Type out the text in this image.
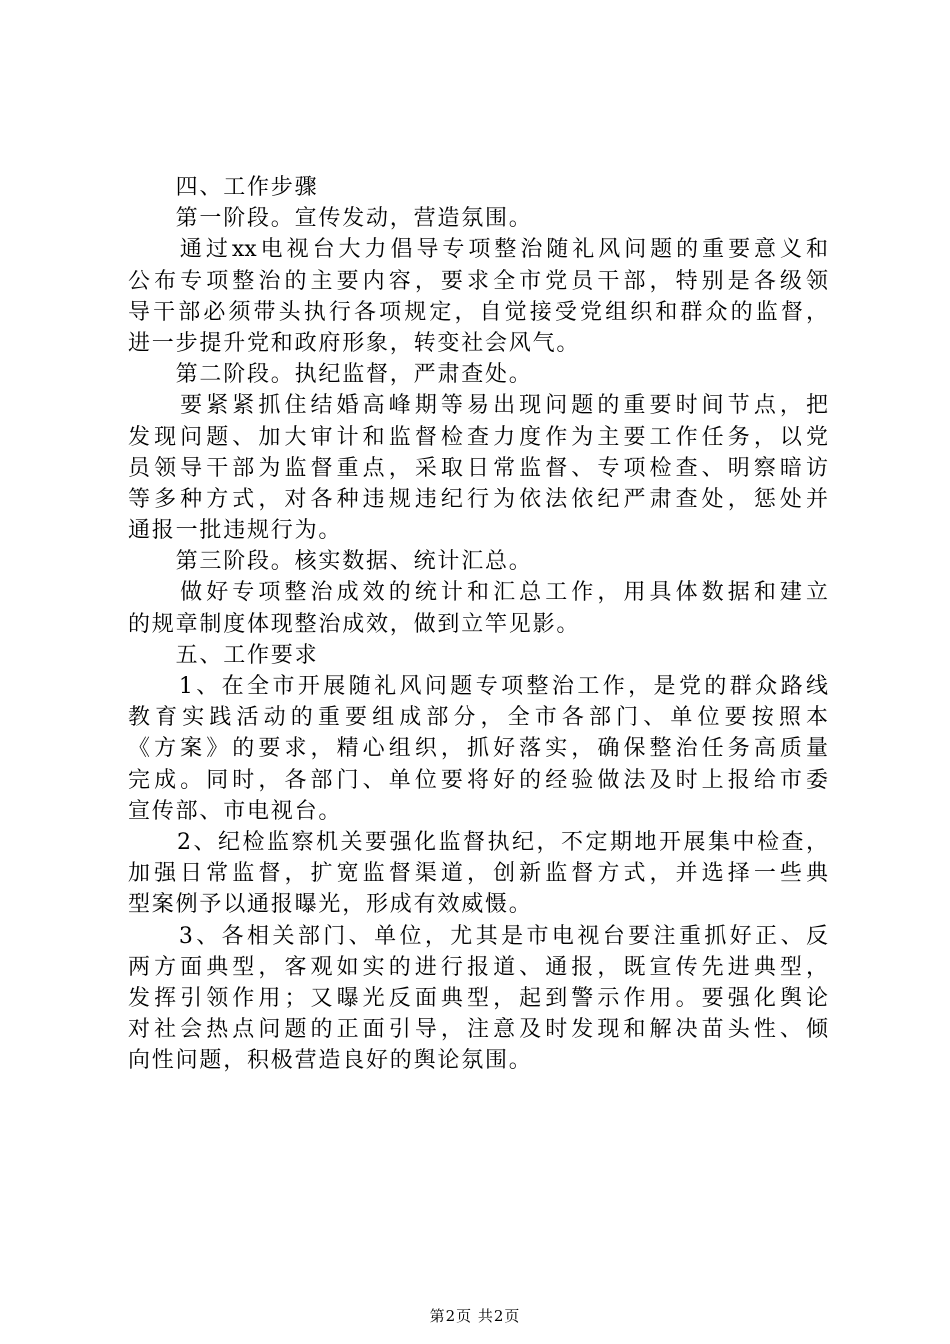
　　四、工作步骤
　　第一阶段。宣传发动，营造氛围。
　　通过xx电视台大力倡导专项整治随礼风问题的重要意义和
公布专项整治的主要内容，要求全市党员干部，特别是各级领
导干部必须带头执行各项规定，自觉接受党组织和群众的监督，
进一步提升党和政府形象，转变社会风气。
　　第二阶段。执纪监督，严肃查处。
　　要紧紧抓住结婚高峰期等易出现问题的重要时间节点，把
发现问题、加大审计和监督检查力度作为主要工作任务，以党
员领导干部为监督重点，采取日常监督、专项检查、明察暗访
等多种方式，对各种违规违纪行为依法依纪严肃查处，惩处并
通报一批违规行为。
　　第三阶段。核实数据、统计汇总。
　　做好专项整治成效的统计和汇总工作，用具体数据和建立
的规章制度体现整治成效，做到立竿见影。
　　五、工作要求
　　1、在全市开展随礼风问题专项整治工作，是党的群众路线
教育实践活动的重要组成部分，全市各部门、单位要按照本
《方案》的要求，精心组织，抓好落实，确保整治任务高质量
完成。同时，各部门、单位要将好的经验做法及时上报给市委
宣传部、市电视台。
　　2、纪检监察机关要强化监督执纪，不定期地开展集中检查，
加强日常监督，扩宽监督渠道，创新监督方式，并选择一些典
型案例予以通报曝光，形成有效威慑。
　　3、各相关部门、单位，尤其是市电视台要注重抓好正、反
两方面典型，客观如实的进行报道、通报，既宣传先进典型，
发挥引领作用；又曝光反面典型，起到警示作用。要强化舆论
对社会热点问题的正面引导，注意及时发现和解决苗头性、倾
向性问题，积极营造良好的舆论氛围。
第2页 共2页
